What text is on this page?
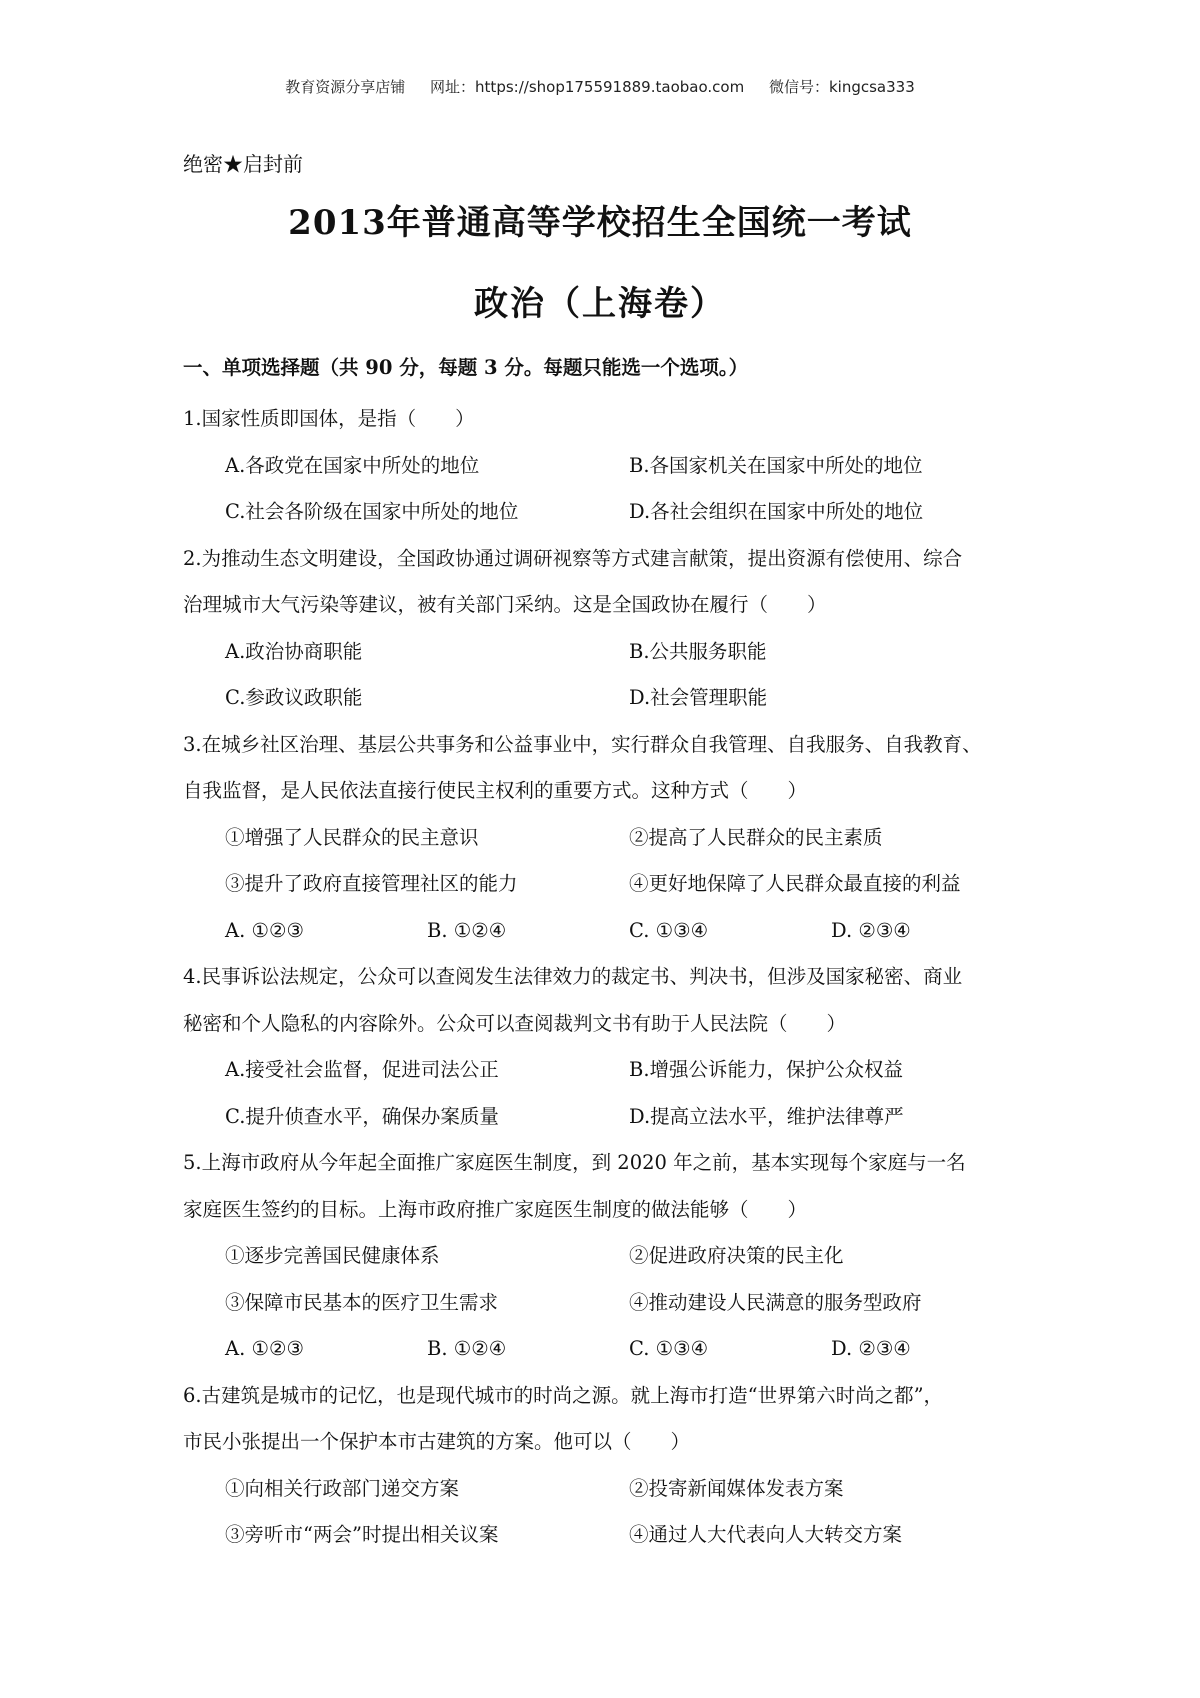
教育资源分享店铺 网址：https://shop175591889.taobao.com 微信号：kingcsa333
绝密★启封前
2013年普通高等学校招生全国统一考试
政治（上海卷）
一、单项选择题（共 90 分，每题 3 分。每题只能选一个选项。）
1.国家性质即国体，是指（　　）
A.各政党在国家中所处的地位	B.各国家机关在国家中所处的地位
C.社会各阶级在国家中所处的地位	D.各社会组织在国家中所处的地位
2.为推动生态文明建设，全国政协通过调研视察等方式建言献策，提出资源有偿使用、综合
治理城市大气污染等建议，被有关部门采纳。这是全国政协在履行（　　）
A.政治协商职能	B.公共服务职能
C.参政议政职能	D.社会管理职能
3.在城乡社区治理、基层公共事务和公益事业中，实行群众自我管理、自我服务、自我教育、
自我监督，是人民依法直接行使民主权利的重要方式。这种方式（　　）
①增强了人民群众的民主意识	②提高了人民群众的民主素质
③提升了政府直接管理社区的能力	④更好地保障了人民群众最直接的利益
A. ①②③	B. ①②④	C. ①③④	D. ②③④
4.民事诉讼法规定，公众可以查阅发生法律效力的裁定书、判决书，但涉及国家秘密、商业
秘密和个人隐私的内容除外。公众可以查阅裁判文书有助于人民法院（　　）
A.接受社会监督，促进司法公正	B.增强公诉能力，保护公众权益
C.提升侦查水平，确保办案质量	D.提高立法水平，维护法律尊严
5.上海市政府从今年起全面推广家庭医生制度，到 2020 年之前，基本实现每个家庭与一名
家庭医生签约的目标。上海市政府推广家庭医生制度的做法能够（　　）
①逐步完善国民健康体系	②促进政府决策的民主化
③保障市民基本的医疗卫生需求	④推动建设人民满意的服务型政府
A. ①②③	B. ①②④	C. ①③④	D. ②③④
6.古建筑是城市的记忆，也是现代城市的时尚之源。就上海市打造“世界第六时尚之都”，
市民小张提出一个保护本市古建筑的方案。他可以（　　）
①向相关行政部门递交方案	②投寄新闻媒体发表方案
③旁听市“两会”时提出相关议案	④通过人大代表向人大转交方案
